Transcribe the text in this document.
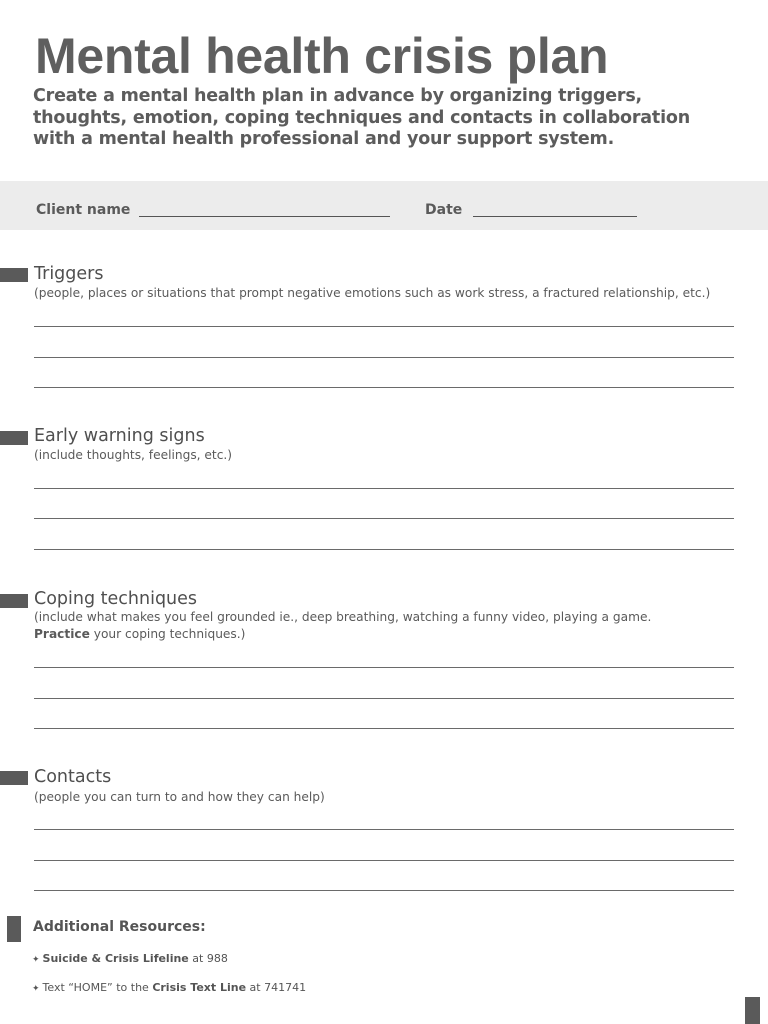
Mental health crisis plan

Create a mental health plan in advance by organizing triggers, thoughts, emotion, coping techniques and contacts in collaboration with a mental health professional and your support system.

Client name	Date
Triggers

(people, places or situations that prompt negative emotions such as work stress, a fractured relationship, etc.)

Early warning signs

(include thoughts, feelings, etc.)

Coping techniques

(include what makes you feel grounded ie., deep breathing, watching a funny video, playing a game.
Practice your coping techniques.)

Contacts

(people you can turn to and how they can help)

Additional Resources:
✦ Suicide & Crisis Lifeline at 988
✦ Text “HOME” to the Crisis Text Line at 741741
